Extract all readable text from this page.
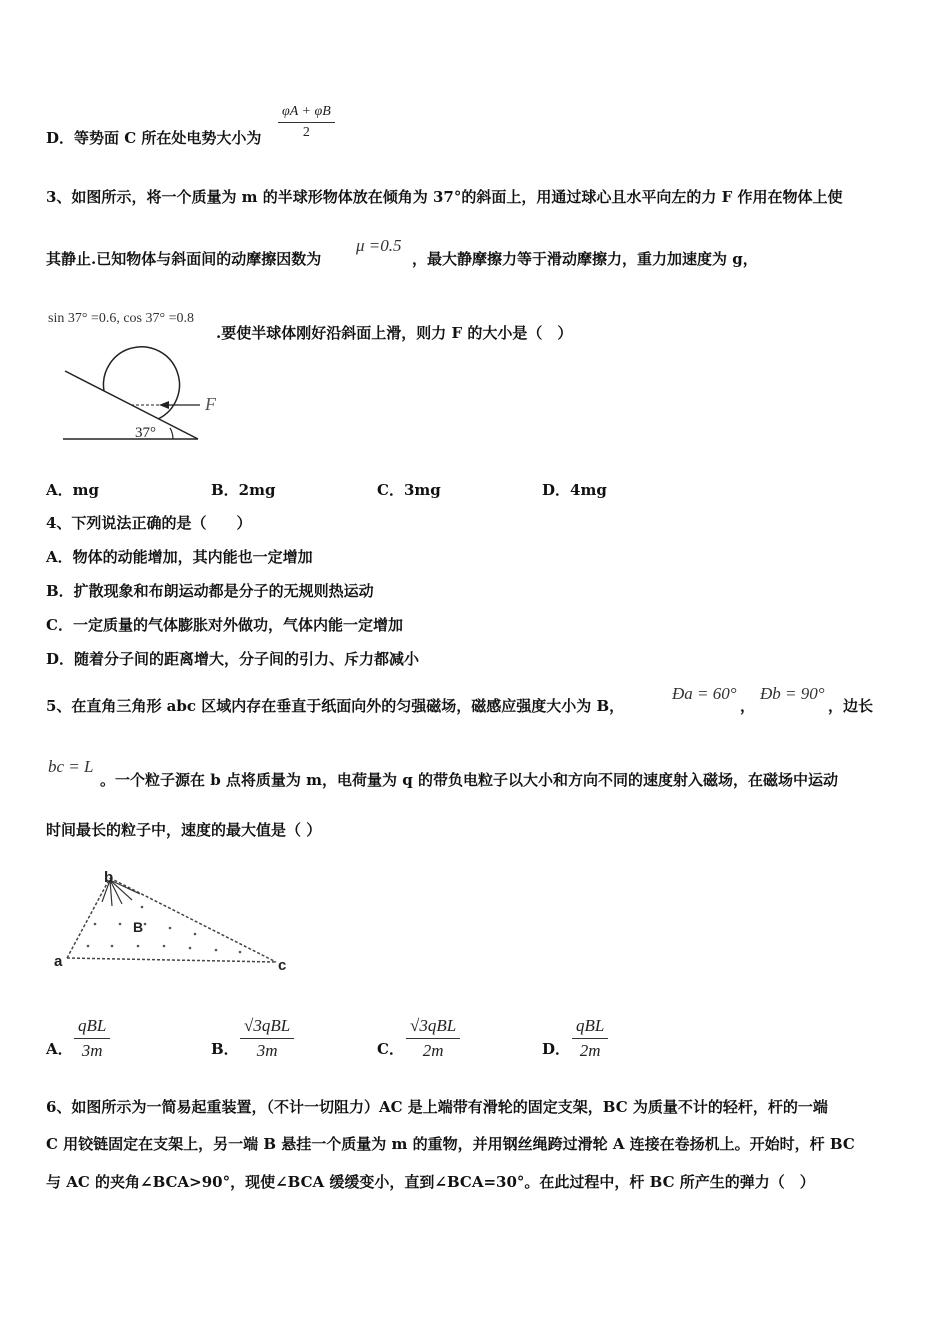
D．等势面 C 所在处电势大小为
φA + φB
2
3、如图所示，将一个质量为 m 的半球形物体放在倾角为 37°的斜面上，用通过球心且水平向左的力 F 作用在物体上使
其静止.已知物体与斜面间的动摩擦因数为
μ =0.5
，最大静摩擦力等于滑动摩擦力，重力加速度为 g，
sin 37° =0.6, cos 37° =0.8
.要使半球体刚好沿斜面上滑，则力 F 的大小是（　）
F
37°
A．mg	B．2mg	C．3mg	D．4mg
4、下列说法正确的是（　　）
A．物体的动能增加，其内能也一定增加
B．扩散现象和布朗运动都是分子的无规则热运动
C．一定质量的气体膨胀对外做功，气体内能一定增加
D．随着分子间的距离增大，分子间的引力、斥力都减小
5、在直角三角形 abc 区域内存在垂直于纸面向外的匀强磁场，磁感应强度大小为 B，
Ða = 60°
，
Ðb = 90°
，边长
bc = L
。一个粒子源在 b 点将质量为 m，电荷量为 q 的带负电粒子以大小和方向不同的速度射入磁场，在磁场中运动
时间最长的粒子中，速度的最大值是（ ）
b
a	c
B
A．
qBL
3m	B．
√3qBL
3m	C．
√3qBL
2m	D．
qBL
2m
6、如图所示为一简易起重装置，（不计一切阻力）AC 是上端带有滑轮的固定支架，BC 为质量不计的轻杆，杆的一端
C 用铰链固定在支架上，另一端 B 悬挂一个质量为 m 的重物，并用钢丝绳跨过滑轮 A 连接在卷扬机上。开始时，杆 BC
与 AC 的夹角∠BCA>90°，现使∠BCA 缓缓变小，直到∠BCA=30°。在此过程中，杆 BC 所产生的弹力（　）
